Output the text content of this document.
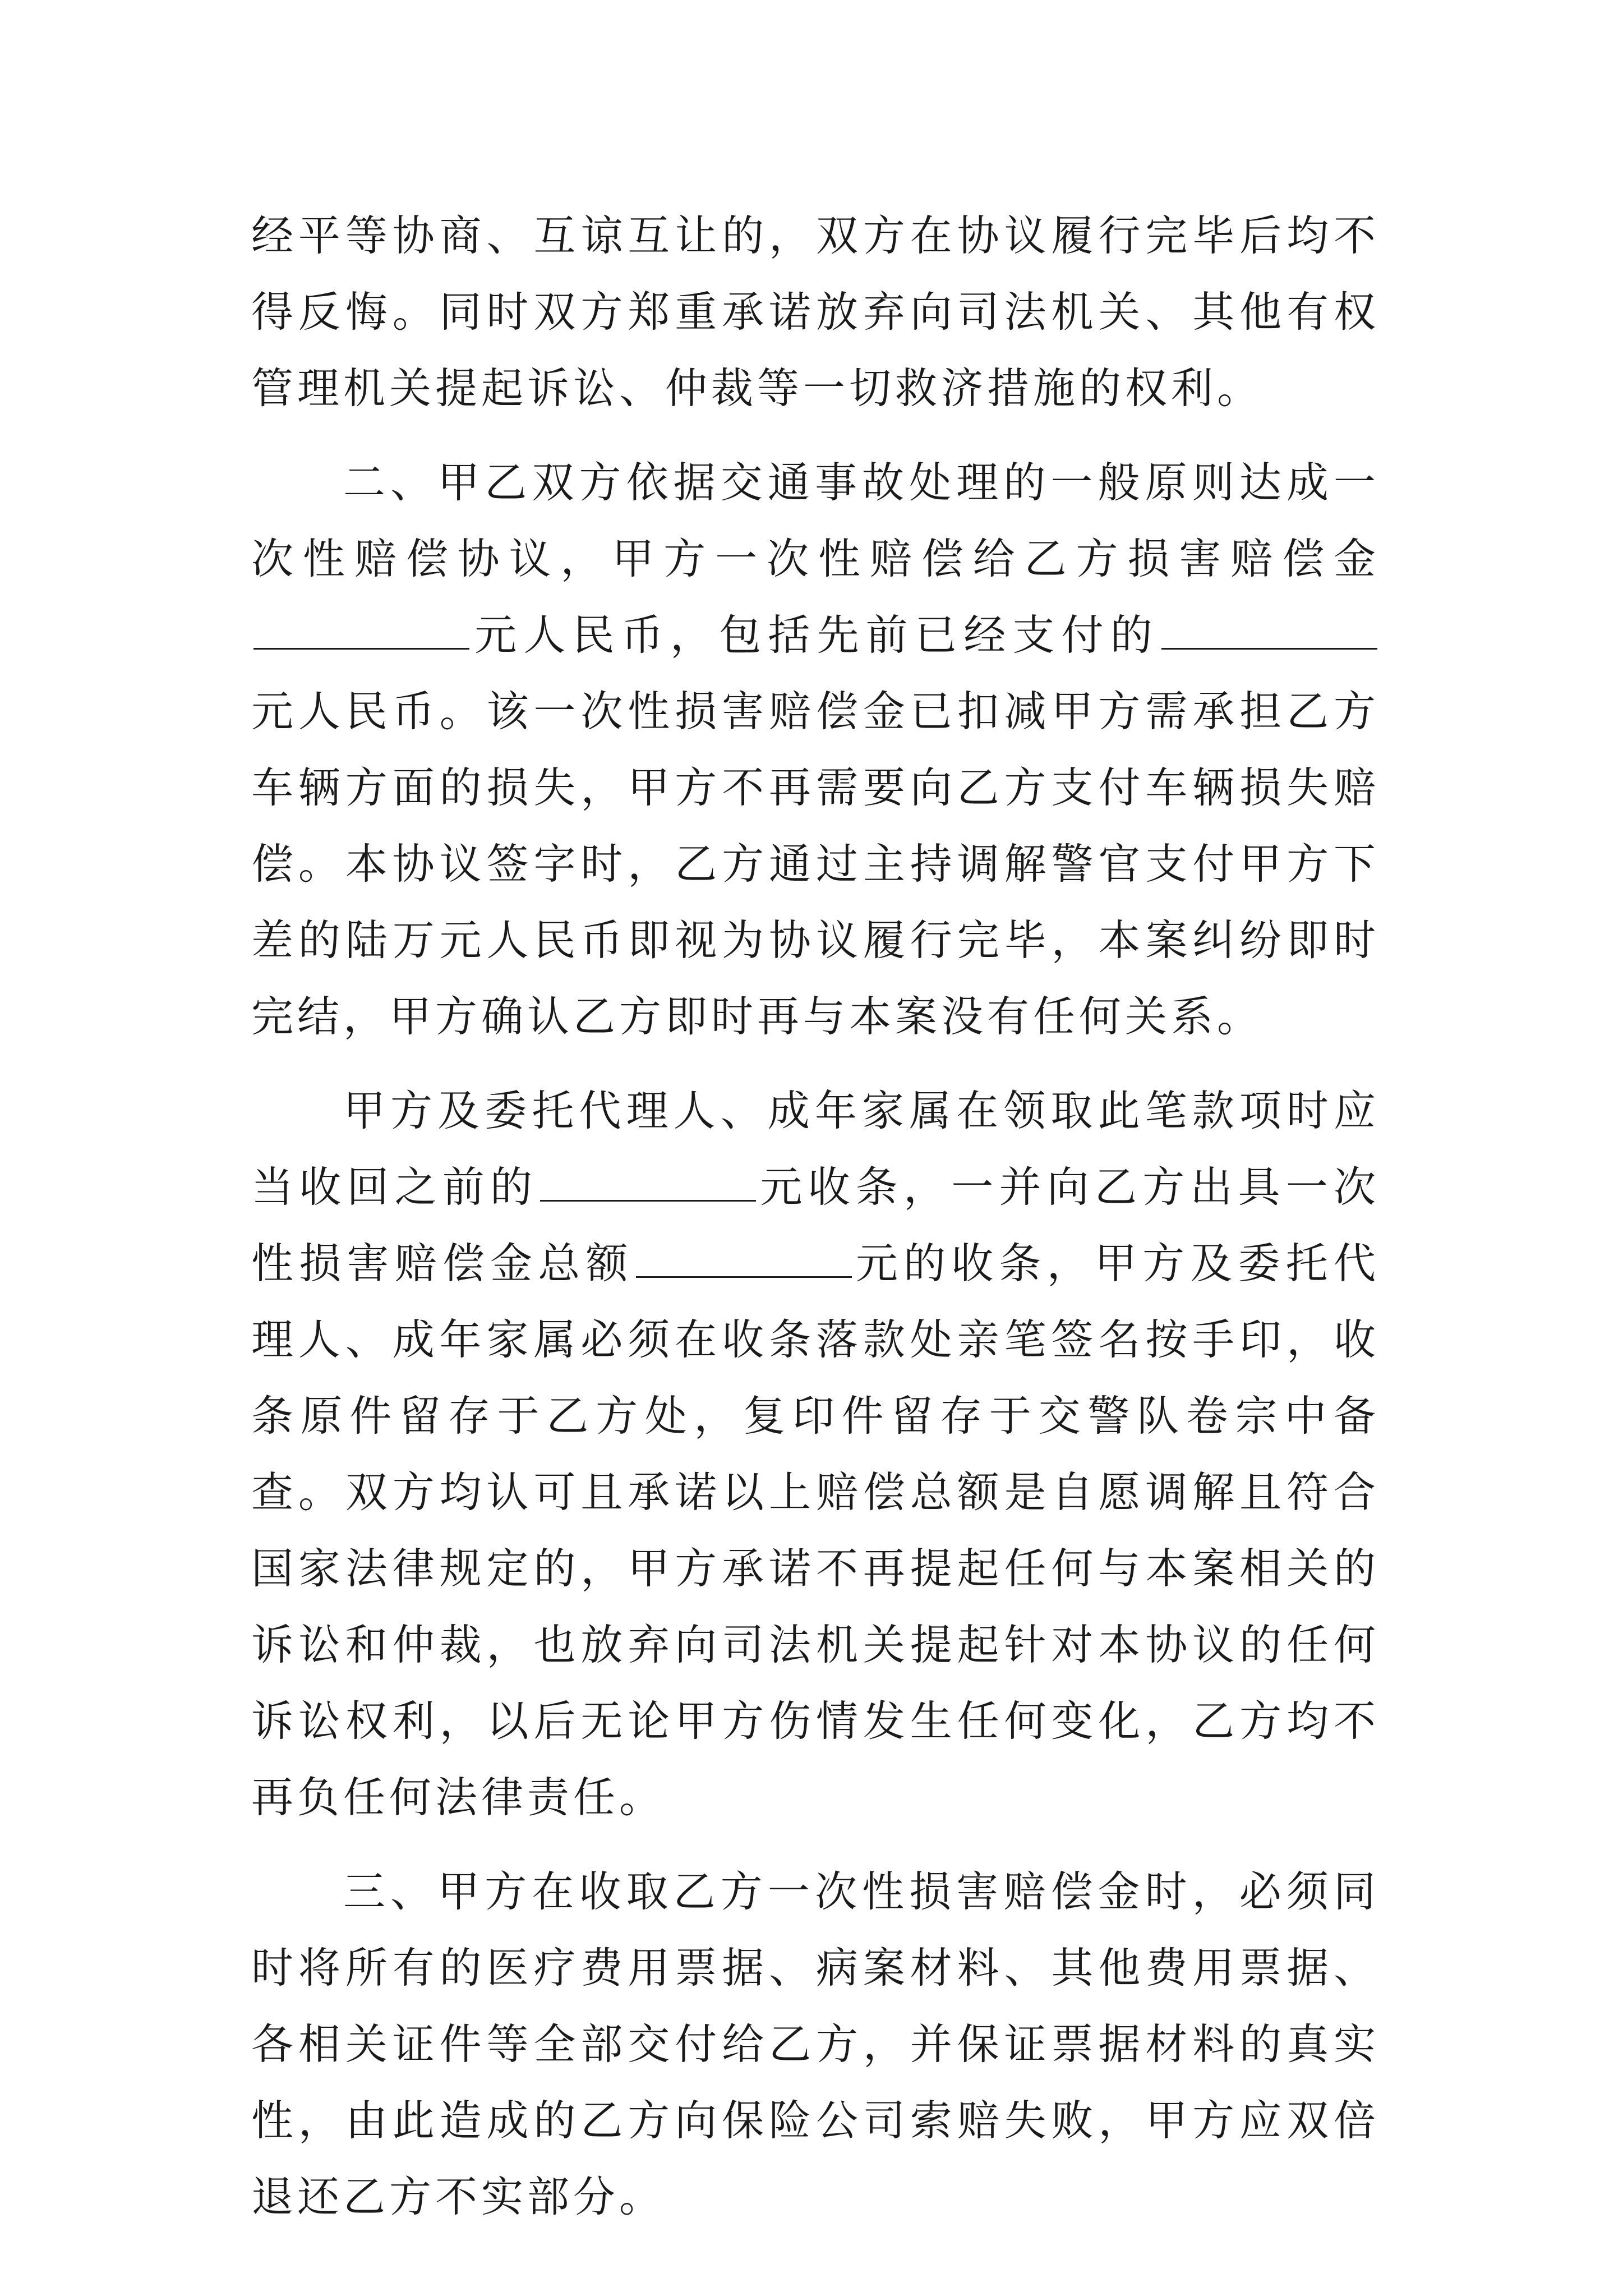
经平等协商、互谅互让的，双方在协议履行完毕后均不得反悔。同时双方郑重承诺放弃向司法机关、其他有权管理机关提起诉讼、仲裁等一切救济措施的权利。

二、甲乙双方依据交通事故处理的一般原则达成一次性赔偿协议，甲方一次性赔偿给乙方损害赔偿金元人民币，包括先前已经支付的元人民币。该一次性损害赔偿金已扣减甲方需承担乙方车辆方面的损失，甲方不再需要向乙方支付车辆损失赔偿。本协议签字时，乙方通过主持调解警官支付甲方下差的陆万元人民币即视为协议履行完毕，本案纠纷即时完结，甲方确认乙方即时再与本案没有任何关系。

甲方及委托代理人、成年家属在领取此笔款项时应当收回之前的	元收条，一并向乙方出具一次性损害赔偿金总额	元的收条，甲方及委托代理人、成年家属必须在收条落款处亲笔签名按手印，收条原件留存于乙方处，复印件留存于交警队卷宗中备查。双方均认可且承诺以上赔偿总额是自愿调解且符合国家法律规定的，甲方承诺不再提起任何与本案相关的诉讼和仲裁，也放弃向司法机关提起针对本协议的任何诉讼权利，以后无论甲方伤情发生任何变化，乙方均不再负任何法律责任。

三、甲方在收取乙方一次性损害赔偿金时，必须同时将所有的医疗费用票据、病案材料、其他费用票据、各相关证件等全部交付给乙方，并保证票据材料的真实性，由此造成的乙方向保险公司索赔失败，甲方应双倍退还乙方不实部分。
